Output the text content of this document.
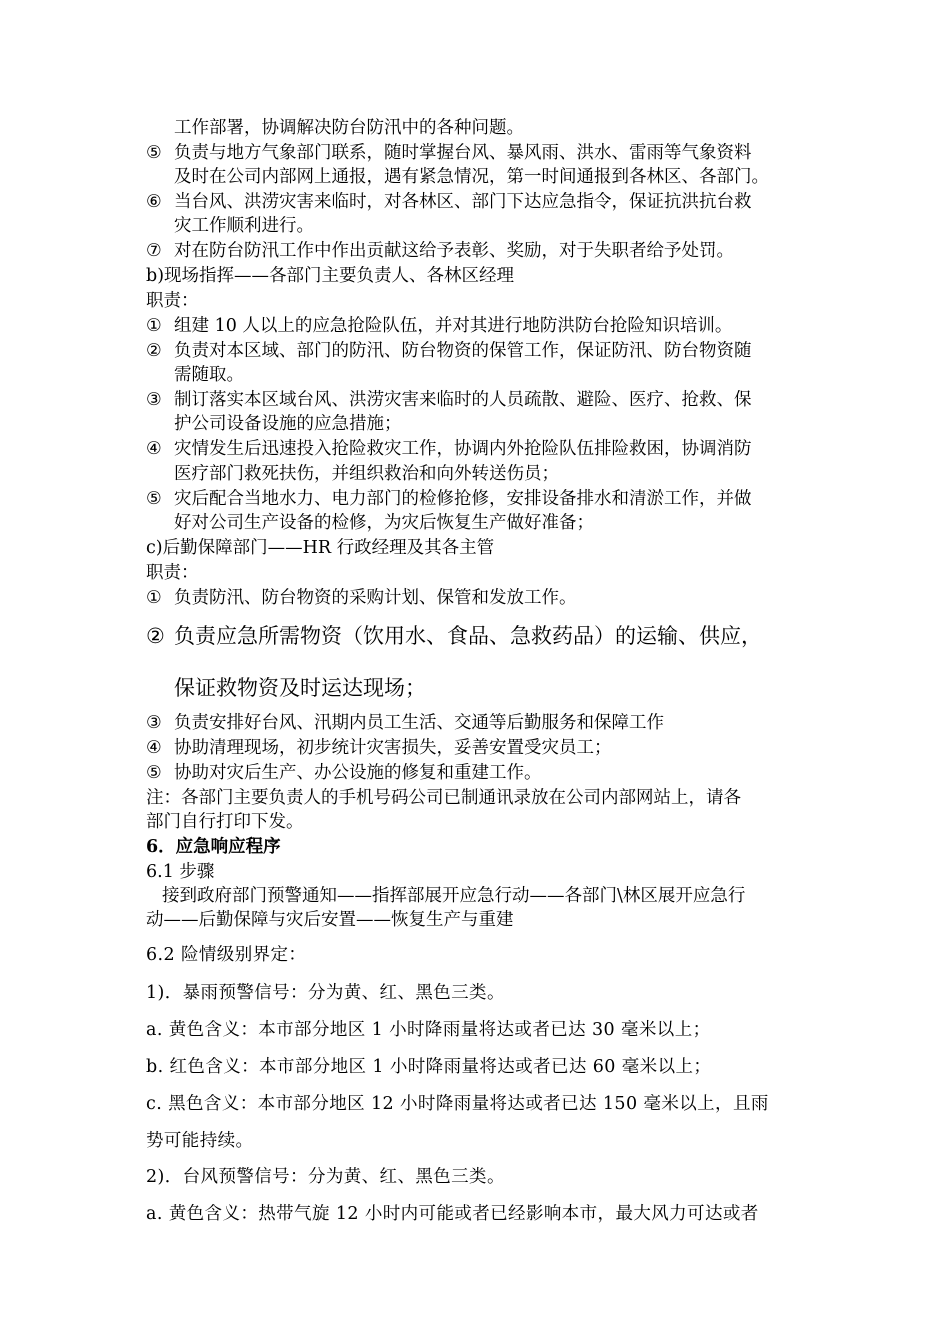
工作部署，协调解决防台防汛中的各种问题。
⑤ 负责与地方气象部门联系，随时掌握台风、暴风雨、洪水、雷雨等气象资料
及时在公司内部网上通报，遇有紧急情况，第一时间通报到各林区、各部门。
⑥ 当台风、洪涝灾害来临时，对各林区、部门下达应急指令，保证抗洪抗台救
灾工作顺利进行。
⑦ 对在防台防汛工作中作出贡献这给予表彰、奖励，对于失职者给予处罚。
b)现场指挥——各部门主要负责人、各林区经理
职责：
① 组建 10 人以上的应急抢险队伍，并对其进行地防洪防台抢险知识培训。
② 负责对本区域、部门的防汛、防台物资的保管工作，保证防汛、防台物资随
需随取。
③ 制订落实本区域台风、洪涝灾害来临时的人员疏散、避险、医疗、抢救、保
护公司设备设施的应急措施；
④ 灾情发生后迅速投入抢险救灾工作，协调内外抢险队伍排险救困，协调消防
医疗部门救死扶伤，并组织救治和向外转送伤员；
⑤ 灾后配合当地水力、电力部门的检修抢修，安排设备排水和清淤工作，并做
好对公司生产设备的检修，为灾后恢复生产做好准备；
c)后勤保障部门——HR 行政经理及其各主管
职责：
① 负责防汛、防台物资的采购计划、保管和发放工作。
② 负责应急所需物资（饮用水、食品、急救药品）的运输、供应，
保证救物资及时运达现场；
③ 负责安排好台风、汛期内员工生活、交通等后勤服务和保障工作
④ 协助清理现场，初步统计灾害损失，妥善安置受灾员工；
⑤ 协助对灾后生产、办公设施的修复和重建工作。
注：各部门主要负责人的手机号码公司已制通讯录放在公司内部网站上，请各
部门自行打印下发。
6．应急响应程序
6.1 步骤
接到政府部门预警通知——指挥部展开应急行动——各部门\林区展开应急行
动——后勤保障与灾后安置——恢复生产与重建
6.2 险情级别界定：
1)．暴雨预警信号：分为黄、红、黑色三类。
a. 黄色含义：本市部分地区 1 小时降雨量将达或者已达 30 毫米以上；
b. 红色含义：本市部分地区 1 小时降雨量将达或者已达 60 毫米以上；
c. 黑色含义：本市部分地区 12 小时降雨量将达或者已达 150 毫米以上，且雨
势可能持续。
2)．台风预警信号：分为黄、红、黑色三类。
a. 黄色含义：热带气旋 12 小时内可能或者已经影响本市，最大风力可达或者
